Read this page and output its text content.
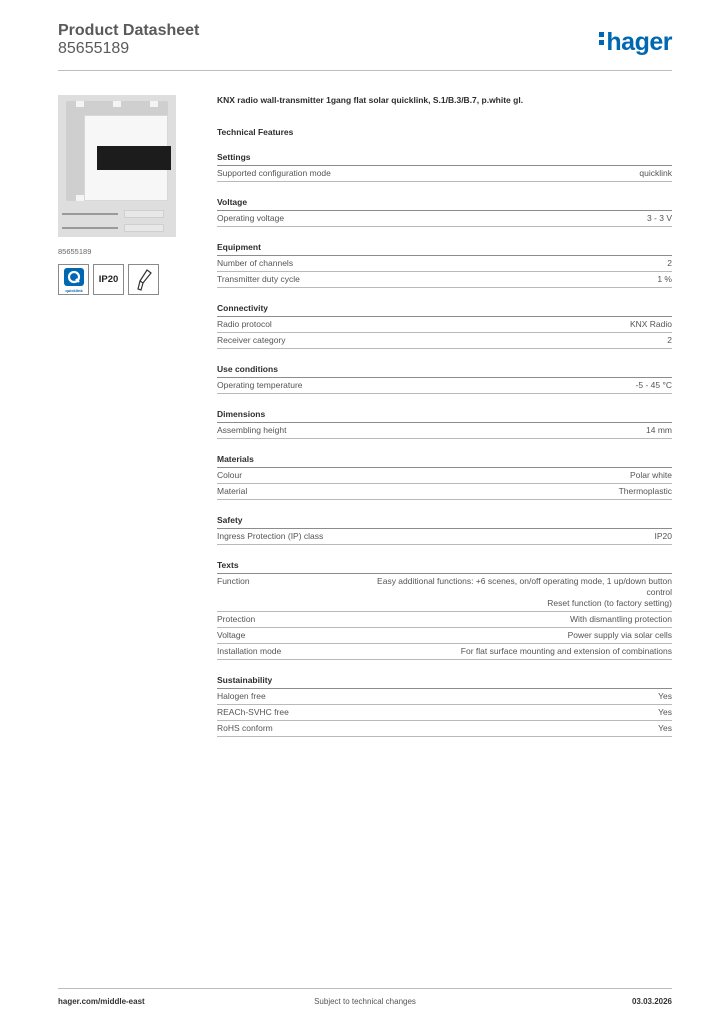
Product Datasheet
85655189	hager
85655189
quicklink
IP20
KNX radio wall-transmitter 1gang flat solar quicklink, S.1/B.3/B.7, p.white gl.
Technical Features
Settings
Supported configuration mode	quicklink
Voltage
Operating voltage	3 - 3 V
Equipment
Number of channels	2
Transmitter duty cycle	1 %
Connectivity
Radio protocol	KNX Radio
Receiver category	2
Use conditions
Operating temperature	-5 - 45 °C
Dimensions
Assembling height	14 mm
Materials
Colour	Polar white
Material	Thermoplastic
Safety
Ingress Protection (IP) class	IP20
Texts
Function	Easy additional functions: +6 scenes, on/off operating mode, 1 up/down button control
Reset function (to factory setting)
Protection	With dismantling protection
Voltage	Power supply via solar cells
Installation mode	For flat surface mounting and extension of combinations
Sustainability
Halogen free	Yes
REACh-SVHC free	Yes
RoHS conform	Yes
hager.com/middle-east	Subject to technical changes	03.03.2026
